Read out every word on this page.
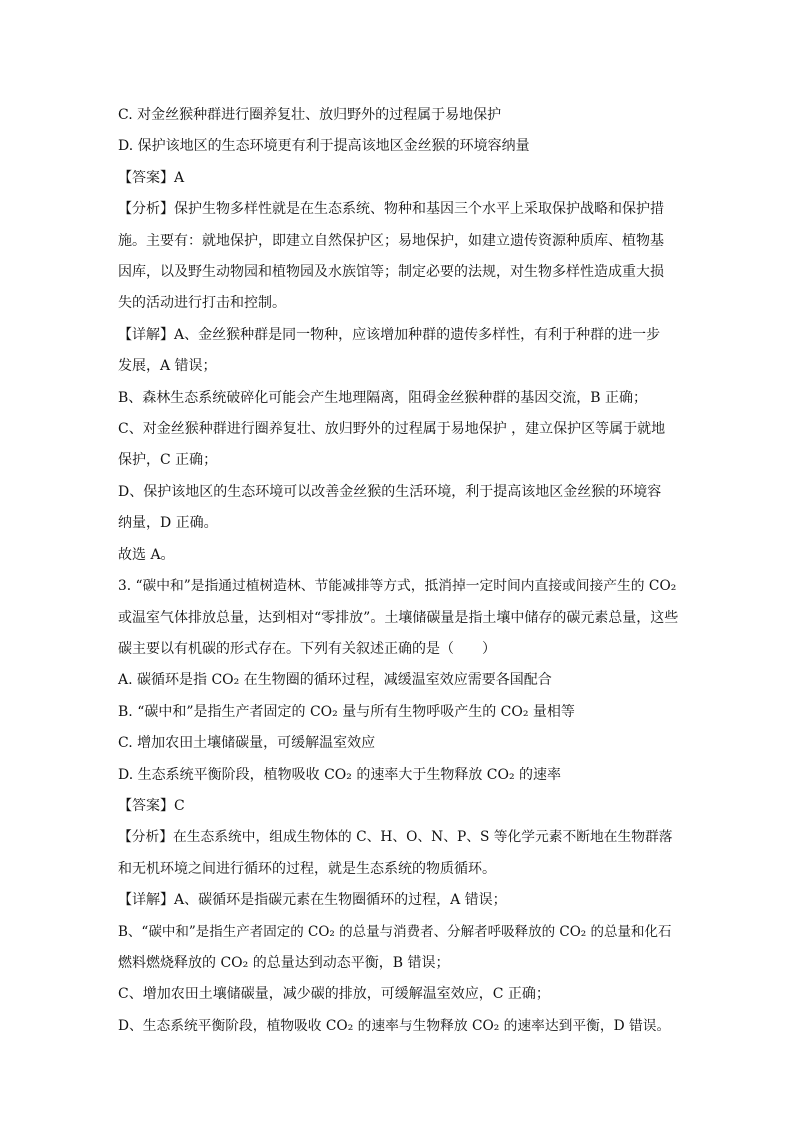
C. 对金丝猴种群进行圈养复壮、放归野外的过程属于易地保护
D. 保护该地区的生态环境更有利于提高该地区金丝猴的环境容纳量
【答案】A
【分析】保护生物多样性就是在生态系统、物种和基因三个水平上采取保护战略和保护措
施。主要有：就地保护，即建立自然保护区；易地保护，如建立遗传资源种质库、植物基
因库，以及野生动物园和植物园及水族馆等；制定必要的法规，对生物多样性造成重大损
失的活动进行打击和控制。
【详解】A、金丝猴种群是同一物种，应该增加种群的遗传多样性，有利于种群的进一步
发展，A 错误；
B、森林生态系统破碎化可能会产生地理隔离，阻碍金丝猴种群的基因交流，B 正确；
C、对金丝猴种群进行圈养复壮、放归野外的过程属于易地保护 ，建立保护区等属于就地
保护，C 正确；
D、保护该地区的生态环境可以改善金丝猴的生活环境，利于提高该地区金丝猴的环境容
纳量，D 正确。
故选 A。
3. “碳中和”是指通过植树造林、节能减排等方式，抵消掉一定时间内直接或间接产生的 CO₂
或温室气体排放总量，达到相对“零排放”。土壤储碳量是指土壤中储存的碳元素总量，这些
碳主要以有机碳的形式存在。下列有关叙述正确的是（　　）
A. 碳循环是指 CO₂ 在生物圈的循环过程，减缓温室效应需要各国配合
B. “碳中和”是指生产者固定的 CO₂ 量与所有生物呼吸产生的 CO₂ 量相等
C. 增加农田土壤储碳量，可缓解温室效应
D. 生态系统平衡阶段，植物吸收 CO₂ 的速率大于生物释放 CO₂ 的速率
【答案】C
【分析】在生态系统中，组成生物体的 C、H、O、N、P、S 等化学元素不断地在生物群落
和无机环境之间进行循环的过程，就是生态系统的物质循环。
【详解】A、碳循环是指碳元素在生物圈循环的过程，A 错误；
B、“碳中和”是指生产者固定的 CO₂ 的总量与消费者、分解者呼吸释放的 CO₂ 的总量和化石
燃料燃烧释放的 CO₂ 的总量达到动态平衡，B 错误；
C、增加农田土壤储碳量，减少碳的排放，可缓解温室效应，C 正确；
D、生态系统平衡阶段，植物吸收 CO₂ 的速率与生物释放 CO₂ 的速率达到平衡，D 错误。
